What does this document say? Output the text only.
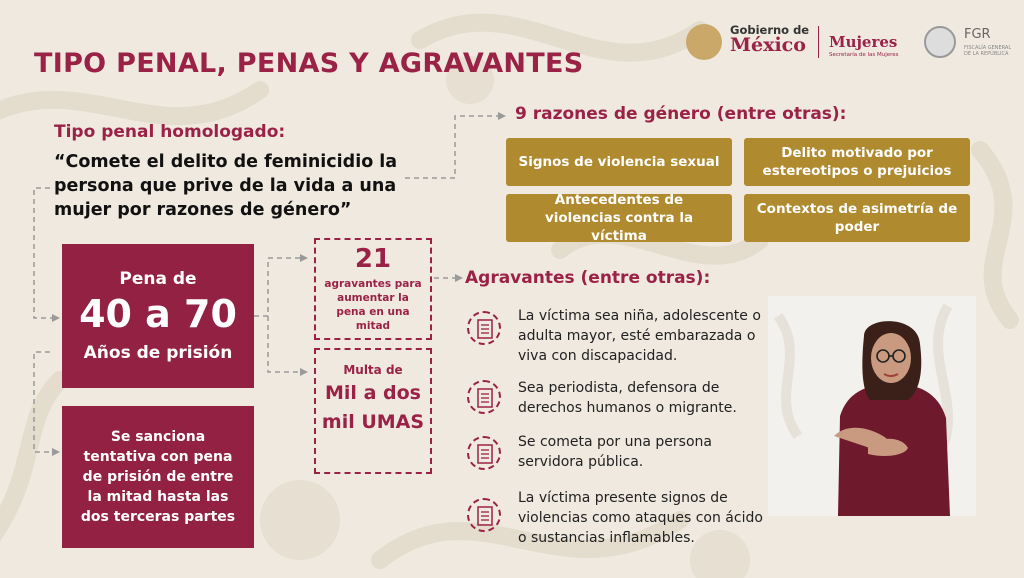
Gobierno de
México Mujeres
Secretaría de las Mujeres
FGR
FISCALÍA GENERAL DE LA REPÚBLICA
TIPO PENAL, PENAS Y AGRAVANTES
Tipo penal homologado:
“Comete el delito de feminicidio la persona que prive de la vida a una mujer por razones de género”
Pena de
40 a 70
Años de prisión
Se sanciona tentativa con pena de prisión de entre la mitad hasta las dos terceras partes
21
agravantes para aumentar la pena en una mitad
Multa de
Mil a dos mil UMAS
9 razones de género (entre otras):
Signos de violencia sexual
Delito motivado por estereotipos o prejuicios
Antecedentes de violencias contra la víctima
Contextos de asimetría de poder
Agravantes (entre otras):
La víctima sea niña, adolescente o adulta mayor, esté embarazada o viva con discapacidad.
Sea periodista, defensora de derechos humanos o migrante.
Se cometa por una persona servidora pública.
La víctima presente signos de violencias como ataques con ácido o sustancias inflamables.
